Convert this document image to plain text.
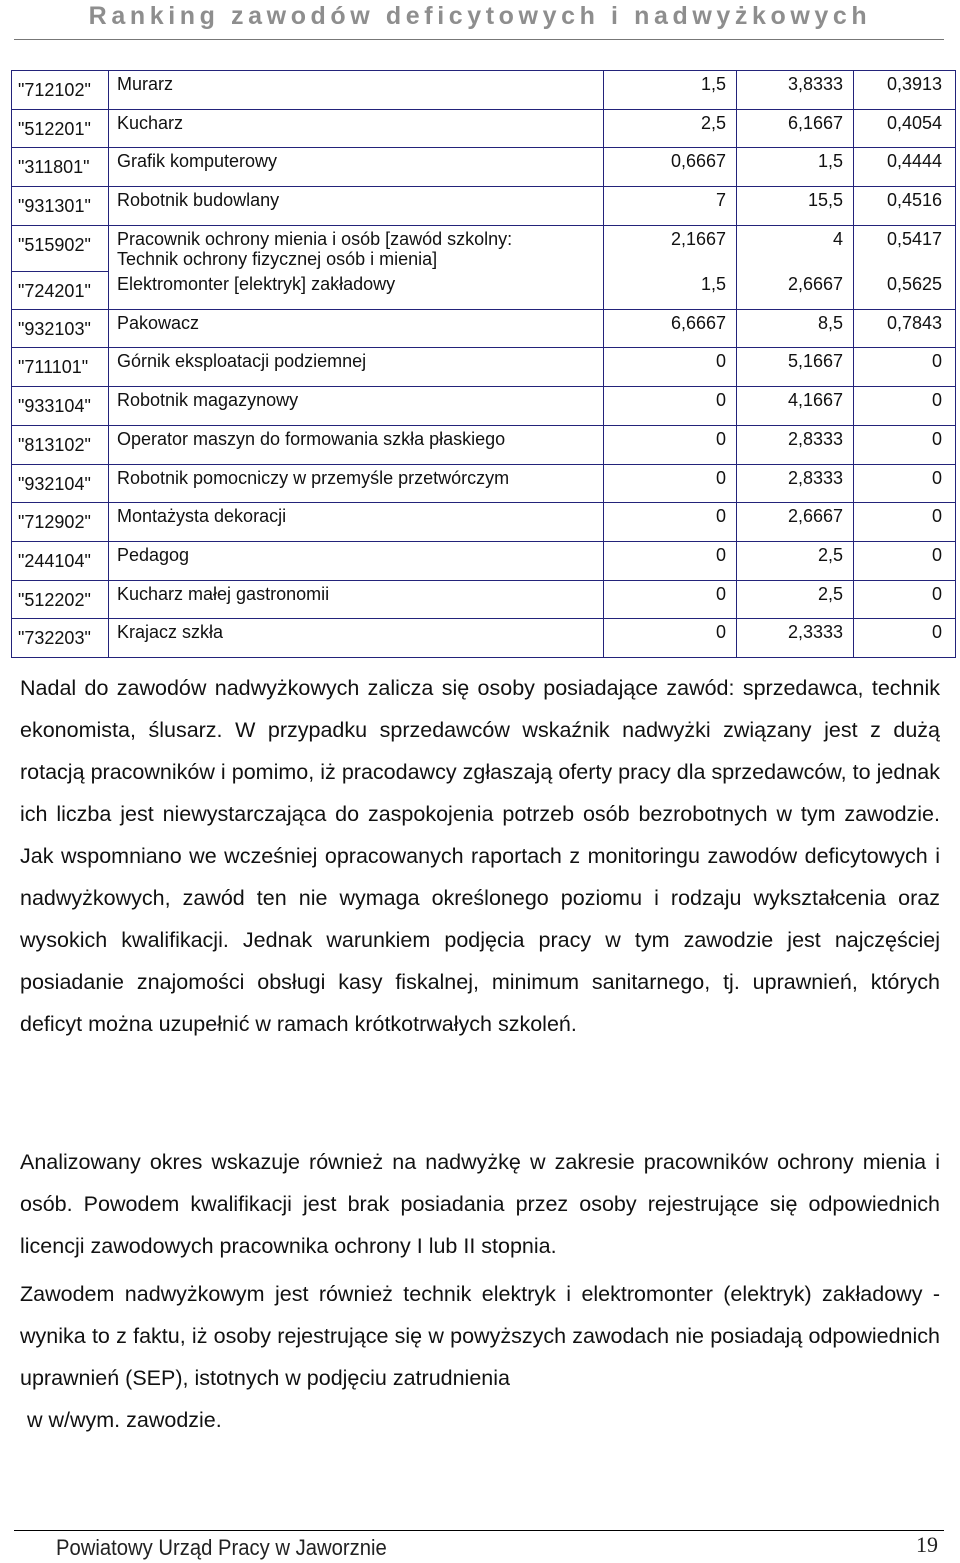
Ranking zawodów deficytowych i nadwyżkowych
"712102"	Murarz	1,5	3,8333	0,3913
"512201"	Kucharz	2,5	6,1667	0,4054
"311801"	Grafik komputerowy	0,6667	1,5	0,4444
"931301"	Robotnik budowlany	7	15,5	0,4516
"515902"	Pracownik ochrony mienia i osób [zawód szkolny:
Technik ochrony fizycznej osób i mienia]	2,1667	4	0,5417
"724201"	Elektromonter [elektryk] zakładowy	1,5	2,6667	0,5625
"932103"	Pakowacz	6,6667	8,5	0,7843
"711101"	Górnik eksploatacji podziemnej	0	5,1667	0
"933104"	Robotnik magazynowy	0	4,1667	0
"813102"	Operator maszyn do formowania szkła płaskiego	0	2,8333	0
"932104"	Robotnik pomocniczy w przemyśle przetwórczym	0	2,8333	0
"712902"	Montażysta dekoracji	0	2,6667	0
"244104"	Pedagog	0	2,5	0
"512202"	Kucharz małej gastronomii	0	2,5	0
"732203"	Krajacz szkła	0	2,3333	0

Nadal do zawodów nadwyżkowych zalicza się osoby posiadające zawód: sprzedawca, technik ekonomista, ślusarz. W przypadku sprzedawców wskaźnik nadwyżki związany jest z dużą rotacją pracowników i pomimo, iż pracodawcy zgłaszają oferty pracy dla sprzedawców, to jednak ich liczba jest niewystarczająca do zaspokojenia potrzeb osób bezrobotnych w tym zawodzie. Jak wspomniano we wcześniej opracowanych raportach z monitoringu zawodów deficytowych i nadwyżkowych, zawód ten nie wymaga określonego poziomu i rodzaju wykształcenia oraz wysokich kwalifikacji. Jednak warunkiem podjęcia pracy w tym zawodzie jest najczęściej posiadanie znajomości obsługi kasy fiskalnej, minimum sanitarnego, tj. uprawnień, których deficyt można uzupełnić w ramach krótkotrwałych szkoleń.

Analizowany okres wskazuje również na nadwyżkę w zakresie pracowników ochrony mienia i osób. Powodem kwalifikacji jest brak posiadania przez osoby rejestrujące się odpowiednich licencji zawodowych pracownika ochrony I lub II stopnia.

Zawodem nadwyżkowym jest również technik elektryk i elektromonter (elektryk) zakładowy - wynika to z faktu, iż osoby rejestrujące się w powyższych zawodach nie posiadają odpowiednich uprawnień (SEP), istotnych w podjęciu zatrudnienia

w w/wym. zawodzie.

Powiatowy Urząd Pracy w Jaworznie	19
